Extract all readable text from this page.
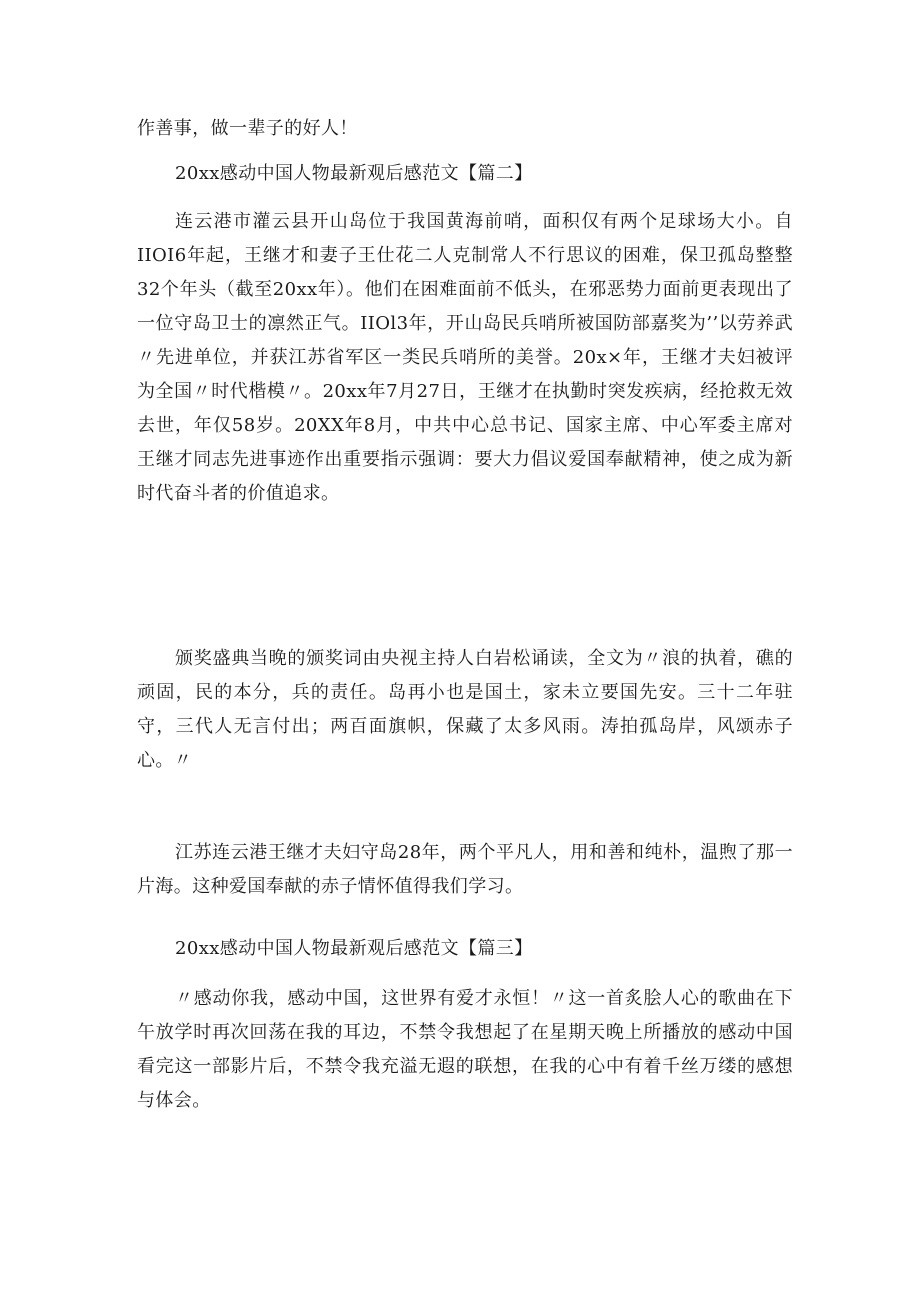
作善事，做一辈子的好人！

20xx感动中国人物最新观后感范文【篇二】

连云港市灌云县开山岛位于我国黄海前哨，面积仅有两个足球场大小。自IIOI6年起，王继才和妻子王仕花二人克制常人不行思议的困难，保卫孤岛整整32个年头（截至20xx年）。他们在困难面前不低头，在邪恶势力面前更表现出了一位守岛卫士的凛然正气。IIOl3年，开山岛民兵哨所被国防部嘉奖为’’以劳养武〃先进单位，并获江苏省军区一类民兵哨所的美誉。20x×年，王继才夫妇被评为全国〃时代楷模〃。20xx年7月27日，王继才在执勤时突发疾病，经抢救无效去世，年仅58岁。20XX年8月，中共中心总书记、国家主席、中心军委主席对王继才同志先进事迹作出重要指示强调：要大力倡议爱国奉献精神，使之成为新时代奋斗者的价值追求。

颁奖盛典当晚的颁奖词由央视主持人白岩松诵读，全文为〃浪的执着，礁的顽固，民的本分，兵的责任。岛再小也是国土，家未立要国先安。三十二年驻守，三代人无言付出；两百面旗帜，保藏了太多风雨。涛拍孤岛岸，风颂赤子心。〃

江苏连云港王继才夫妇守岛28年，两个平凡人，用和善和纯朴，温煦了那一片海。这种爱国奉献的赤子情怀值得我们学习。

20xx感动中国人物最新观后感范文【篇三】

〃感动你我，感动中国，这世界有爱才永恒！〃这一首炙脍人心的歌曲在下午放学时再次回荡在我的耳边，不禁令我想起了在星期天晚上所播放的感动中国看完这一部影片后，不禁令我充溢无遐的联想，在我的心中有着千丝万缕的感想与体会。
